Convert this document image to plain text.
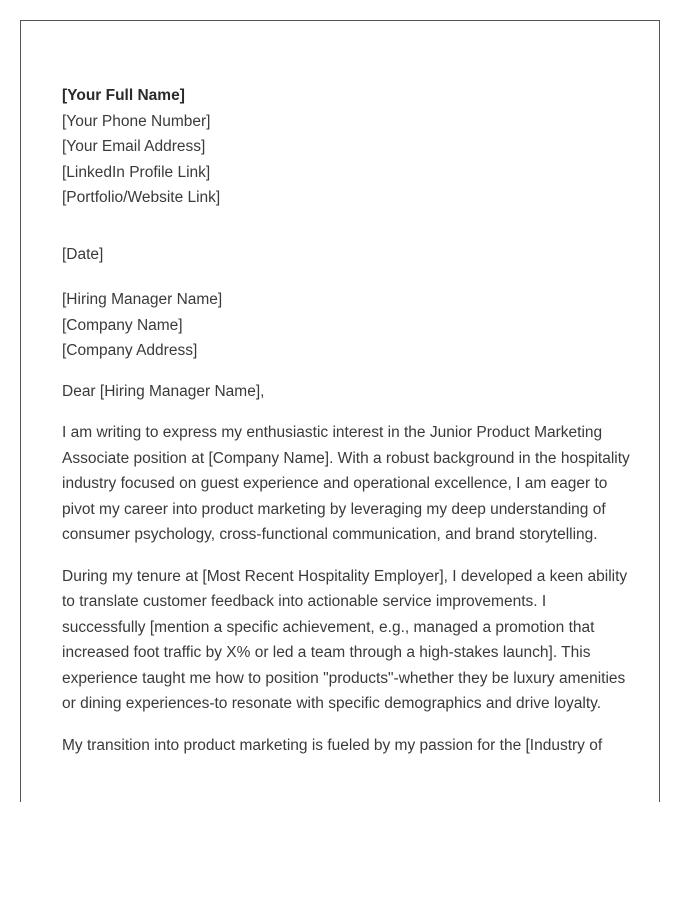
[Your Full Name]
[Your Phone Number]
[Your Email Address]
[LinkedIn Profile Link]
[Portfolio/Website Link]
[Date]
[Hiring Manager Name]
[Company Name]
[Company Address]
Dear [Hiring Manager Name],

I am writing to express my enthusiastic interest in the Junior Product Marketing Associate position at [Company Name]. With a robust background in the hospitality industry focused on guest experience and operational excellence, I am eager to pivot my career into product marketing by leveraging my deep understanding of consumer psychology, cross-functional communication, and brand storytelling.

During my tenure at [Most Recent Hospitality Employer], I developed a keen ability to translate customer feedback into actionable service improvements. I successfully [mention a specific achievement, e.g., managed a promotion that increased foot traffic by X% or led a team through a high-stakes launch]. This experience taught me how to position "products"-whether they be luxury amenities or dining experiences-to resonate with specific demographics and drive loyalty.

My transition into product marketing is fueled by my passion for the [Industry of
